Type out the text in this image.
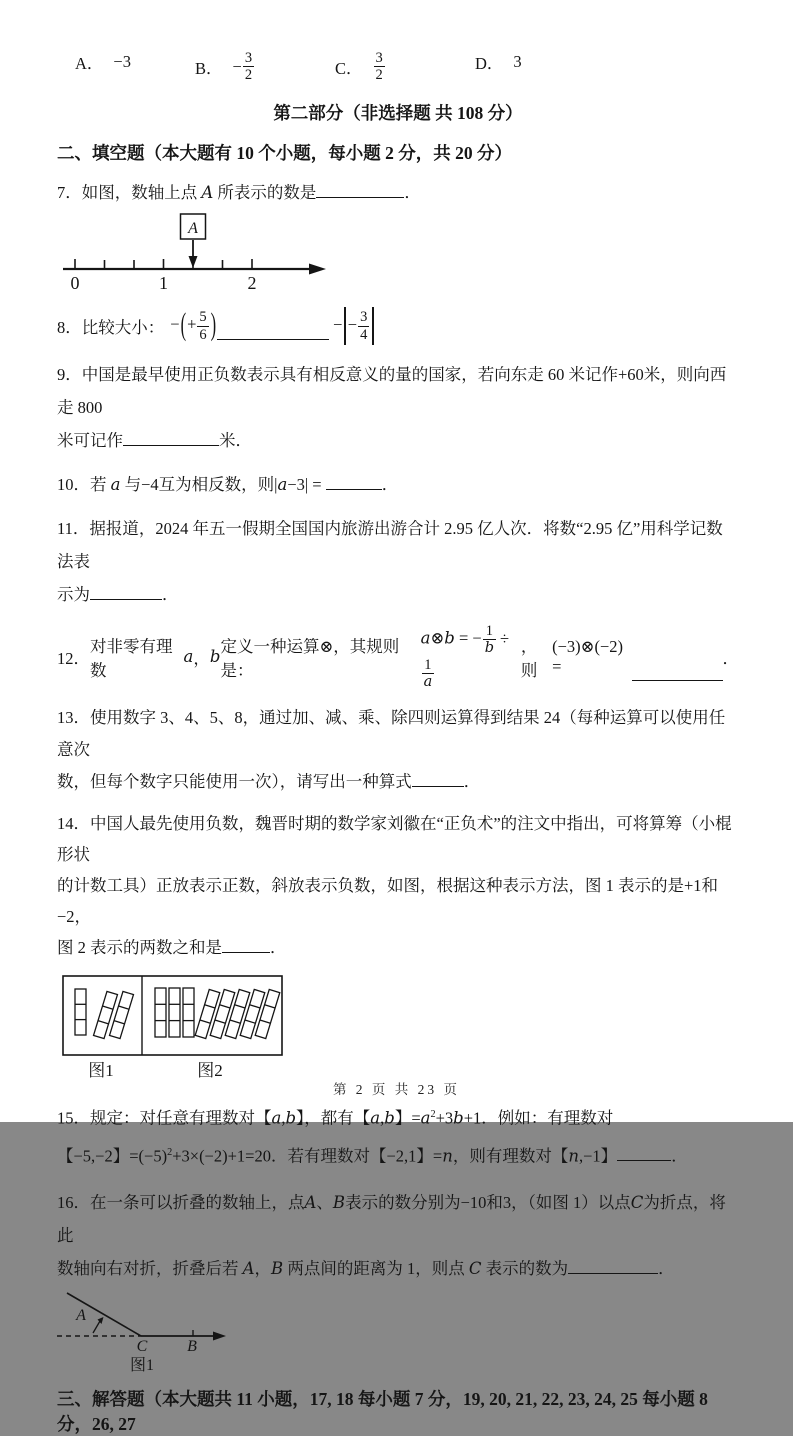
A． −3	B． − $\frac{3}{2}$	C． $\frac{3}{2}$	D． 3
第二部分（非选择题 共 108 分）
二、填空题（本大题有 10 个小题，每小题 2 分，共 20 分）
7．如图，数轴上点 A 所表示的数是	．
A
0	1	2
8． 比较大小： −(+ $\frac{5}{6}$ )	− − $\frac{3}{4}$
9．中国是最早使用正负数表示具有相反意义的量的国家，若向东走 60 米记作+60米，则向西走 800
米可记作	米．
10．若 a 与−4互为相反数，则|a−3| =	．
11．据报道，2024 年五一假期全国国内旅游出游合计 2.95 亿人次．将数“2.95 亿”用科学记数法表
示为	．
12．
对非零有理数
a ， b
定义一种运算⊗，其规则是：
a⊗b = − $\frac{1}{b}$ ÷
$\frac{1}{a}$
，则
(−3)⊗(−2) =	．
13．使用数字 3、4、5、8，通过加、减、乘、除四则运算得到结果 24（每种运算可以使用任意次
数，但每个数字只能使用一次），请写出一种算式	．
14．中国人最先使用负数，魏晋时期的数学家刘徽在“正负术”的注文中指出，可将算筹（小棍形状
的计数工具）正放表示正数，斜放表示负数，如图，根据这种表示方法，图 1 表示的是+1和−2，
图 2 表示的两数之和是	．
图1	图2
15．规定：对任意有理数对【a,b】，都有【a,b】$=a^2+3b+1$．例如：有理数对
【−5,−2】$=(-5)^2+3\times(-2)+1=20$．若有理数对【−2,1】=n，则有理数对【n,−1】	．
16．在一条可以折叠的数轴上，点A、B表示的数分别为−10和3，（如图 1）以点C为折点，将此
数轴向右对折，折叠后若 A，B 两点间的距离为 1，则点 C 表示的数为	．
A
C B
图1
三、解答题（本大题共 11 小题，17, 18 每小题 7 分，19, 20, 21, 22, 23, 24, 25 每小题 8 分，26, 27
第 2 页 共 23 页
